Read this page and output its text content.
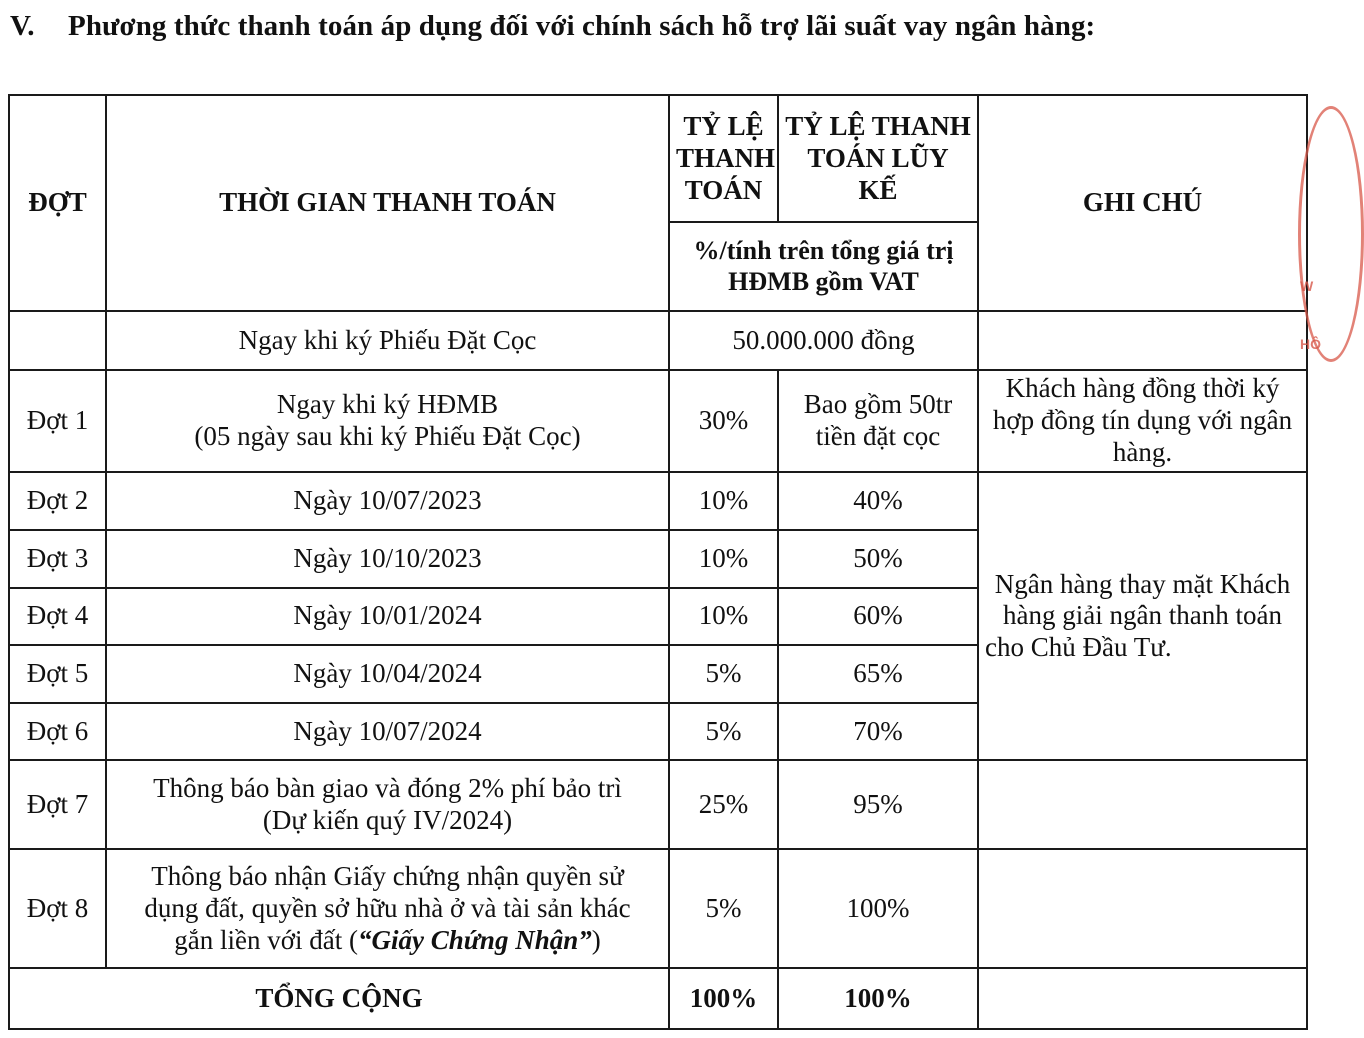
V. Phương thức thanh toán áp dụng đối với chính sách hỗ trợ lãi suất vay ngân hàng:
ĐỢT	THỜI GIAN THANH TOÁN	TỶ LỆ THANH TOÁN	TỶ LỆ THANH TOÁN LŨY KẾ	GHI CHÚ
		%/tính trên tổng giá trị HĐMB gồm VAT		
	Ngay khi ký Phiếu Đặt Cọc	50.000.000 đồng		
Đợt 1	Ngay khi ký HĐMB
(05 ngày sau khi ký Phiếu Đặt Cọc)	30%	Bao gồm 50tr tiền đặt cọc	Khách hàng đồng thời ký hợp đồng tín dụng với ngân hàng.
Đợt 2	Ngày 10/07/2023	10%	40%	Ngân hàng thay mặt Khách hàng giải ngân thanh toán cho Chủ Đầu Tư.
Đợt 3	Ngày 10/10/2023	10%	50%	
Đợt 4	Ngày 10/01/2024	10%	60%	
Đợt 5	Ngày 10/04/2024	5%	65%	
Đợt 6	Ngày 10/07/2024	5%	70%	
Đợt 7	Thông báo bàn giao và đóng 2% phí bảo trì
(Dự kiến quý IV/2024)	25%	95%	
Đợt 8	Thông báo nhận Giấy chứng nhận quyền sử dụng đất, quyền sở hữu nhà ở và tài sản khác gắn liền với đất (“Giấy Chứng Nhận”)	5%	100%	
TỔNG CỘNG		100%	100%	
W
HÔ
